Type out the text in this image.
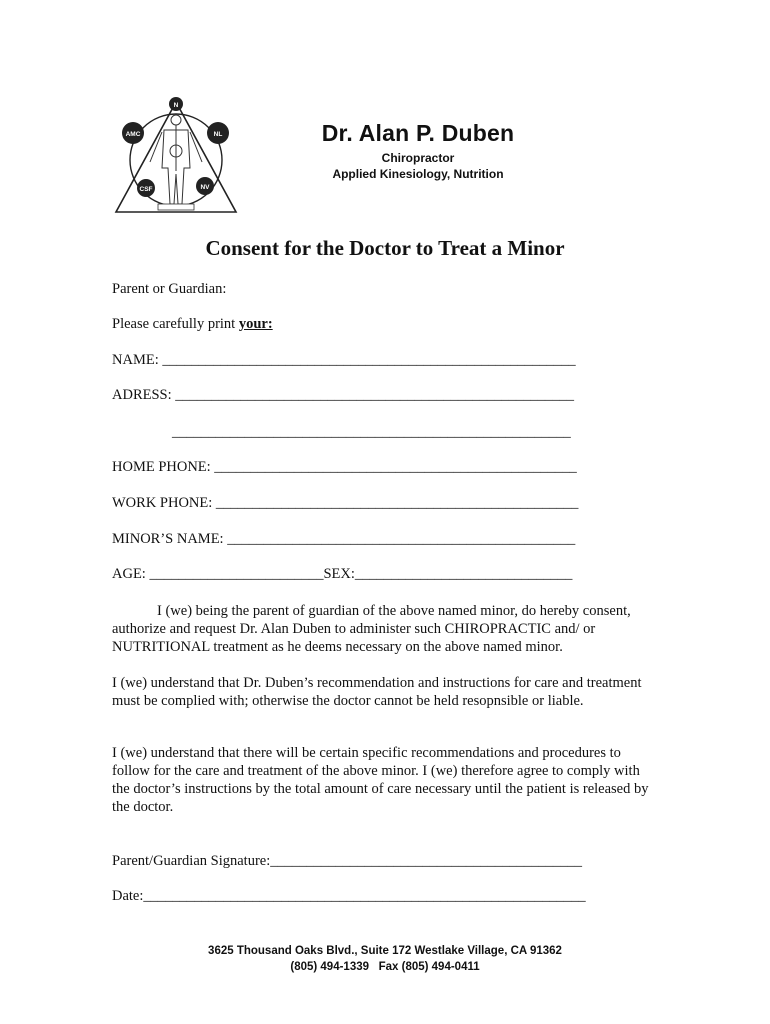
N
AMC	NL
CSF	NV
Dr. Alan P. Duben
Chiropractor
Applied Kinesiology, Nutrition
Consent for the Doctor to Treat a Minor
Parent or Guardian:
Please carefully print your:
NAME: _________________________________________________________
ADRESS: _______________________________________________________
_______________________________________________________
HOME PHONE: __________________________________________________
WORK PHONE: __________________________________________________
MINOR’S NAME: ________________________________________________
AGE: ________________________SEX:______________________________
I (we) being the parent of guardian of the above named minor, do hereby consent, authorize and request Dr. Alan Duben to administer such CHIROPRACTIC and/ or NUTRITIONAL treatment as he deems necessary on the above named minor.
I (we) understand that Dr. Duben’s recommendation and instructions for care and treatment must be complied with; otherwise the doctor cannot be held resopnsible or liable.
I (we) understand that there will be certain specific recommendations and procedures to follow for the care and treatment of the above minor. I (we) therefore agree to comply with the doctor’s instructions by the total amount of care necessary until the patient is released by the doctor.
Parent/Guardian Signature:___________________________________________
Date:_____________________________________________________________
3625 Thousand Oaks Blvd., Suite 172 Westlake Village, CA 91362
(805) 494-1339   Fax (805) 494-0411
